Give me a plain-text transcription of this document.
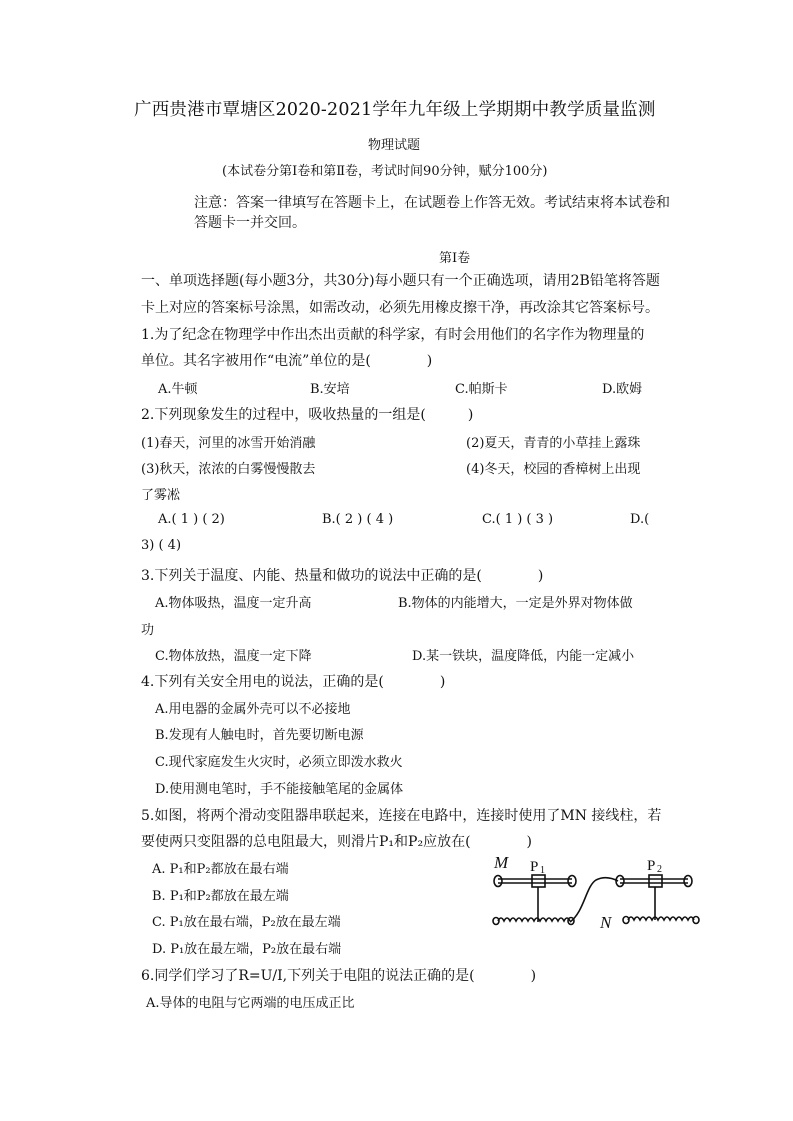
广西贵港市覃塘区2020-2021学年九年级上学期期中教学质量监测
物理试题
(本试卷分第Ⅰ卷和第Ⅱ卷，考试时间90分钟，赋分100分)
注意：答案一律填写在答题卡上，在试题卷上作答无效。考试结束将本试卷和
答题卡一并交回。
第Ⅰ卷
一、单项选择题(每小题3分，共30分)每小题只有一个正确选项，请用2B铅笔将答题
卡上对应的答案标号涂黑，如需改动，必须先用橡皮擦干净，再改涂其它答案标号。
1.为了纪念在物理学中作出杰出贡献的科学家，有时会用他们的名字作为物理量的
单位。其名字被用作“电流”单位的是(　　　　)
A.牛顿	B.安培	C.帕斯卡	D.欧姆
2.下列现象发生的过程中，吸收热量的一组是(　　　)
(1)春天，河里的冰雪开始消融	(2)夏天，青青的小草挂上露珠
(3)秋天，浓浓的白雾慢慢散去	(4)冬天，校园的香樟树上出现
了雾凇
A.( 1 ) ( 2)	B.( 2 ) ( 4 )	C.( 1 ) ( 3 )	D.(
3) ( 4)
3.下列关于温度、内能、热量和做功的说法中正确的是(　　　　)
A.物体吸热，温度一定升高	B.物体的内能增大，一定是外界对物体做
功
C.物体放热，温度一定下降	D.某一铁块，温度降低，内能一定减小
4.下列有关安全用电的说法，正确的是(　　　　)
A.用电器的金属外壳可以不必接地
B.发现有人触电时，首先要切断电源
C.现代家庭发生火灾时，必须立即泼水救火
D.使用测电笔时，手不能接触笔尾的金属体
5.如图，将两个滑动变阻器串联起来，连接在电路中，连接时使用了MN 接线柱，若
要使两只变阻器的总电阻最大，则滑片P₁和P₂应放在(　　　　)
A. P₁和P₂都放在最右端
B. P₁和P₂都放在最左端
C. P₁放在最右端，P₂放在最左端
D. P₁放在最左端，P₂放在最右端
M P 1	P 2
N
6.同学们学习了R=U/I,下列关于电阻的说法正确的是(　　　　)
A.导体的电阻与它两端的电压成正比
